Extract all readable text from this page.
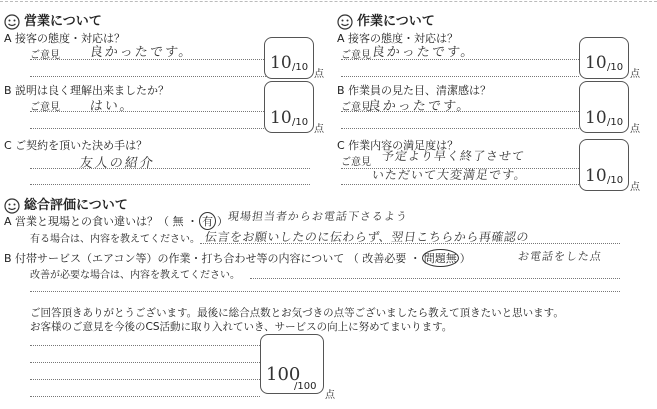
営業について
A 接客の態度・対応は？
ご意見 良かったです。
10 /10
点
B 説明は良く理解出来ましたか？
ご意見 はい。
10 /10
点
C ご契約を頂いた決め手は？
友人の紹介
作業について
A 接客の態度・対応は？
ご意見 良かったです。
10 /10
点
B 作業員の見た目、清潔感は？
ご意見
良かったです。
10 /10
点
C 作業内容の満足度は？
ご意見 予定より早く終了させて
いただいて大変満足です。	10 /10
点
総合評価について
A 営業と現場との食い違いは？（ 無 ・ 有 ） 現場担当者からお電話下さるよう
有る場合は、内容を教えてください。 伝言をお願いしたのに伝わらず、翌日こちらから再確認の
B 付帯サービス（エアコン等）の作業・打ち合わせ等の内容について （ 改善必要 ・ 問題無 ）	お電話をした点
改善が必要な場合は、内容を教えてください。
ご回答頂きありがとうございます。最後に総合点数とお気づきの点等ございましたら教えて頂きたいと思います。
お客様のご意見を今後のCS活動に取り入れていき、サービスの向上に努めてまいります。
100
/100
点
